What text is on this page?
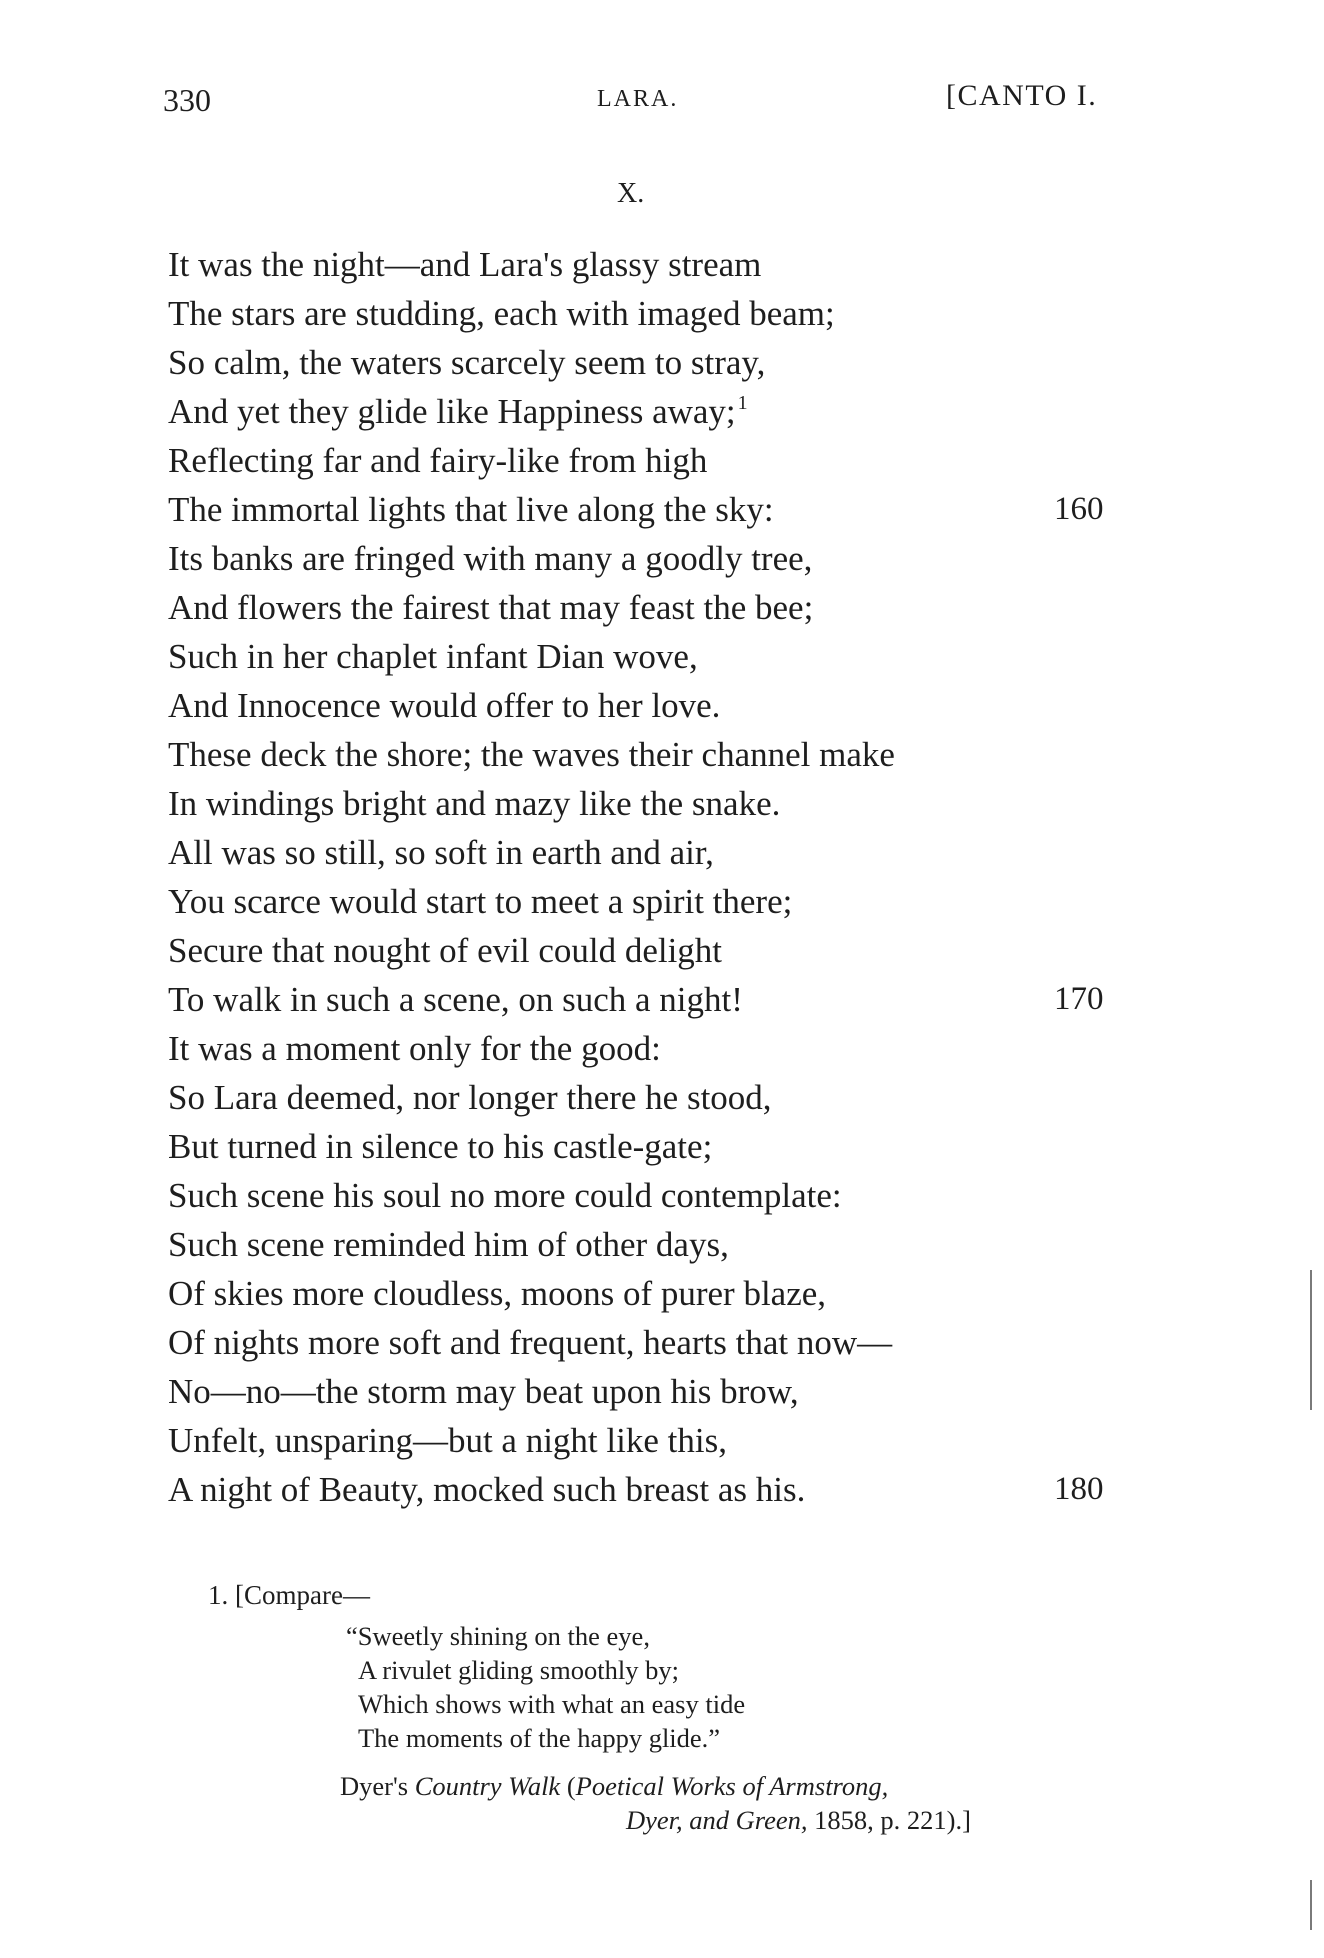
330	LARA.	[CANTO I.
X.
It was the night—and Lara's glassy stream
The stars are studding, each with imaged beam;
So calm, the waters scarcely seem to stray,
And yet they glide like Happiness away; $^1$
Reflecting far and fairy-like from high
The immortal lights that live along the sky:	160
Its banks are fringed with many a goodly tree,
And flowers the fairest that may feast the bee;
Such in her chaplet infant Dian wove,
And Innocence would offer to her love.
These deck the shore; the waves their channel make
In windings bright and mazy like the snake.
All was so still, so soft in earth and air,
You scarce would start to meet a spirit there;
Secure that nought of evil could delight
To walk in such a scene, on such a night!	170
It was a moment only for the good:
So Lara deemed, nor longer there he stood,
But turned in silence to his castle-gate;
Such scene his soul no more could contemplate:
Such scene reminded him of other days,
Of skies more cloudless, moons of purer blaze,
Of nights more soft and frequent, hearts that now—
No—no—the storm may beat upon his brow,
Unfelt, unsparing—but a night like this,
A night of Beauty, mocked such breast as his.	180
1. [Compare—
“Sweetly shining on the eye,
A rivulet gliding smoothly by;
Which shows with what an easy tide
The moments of the happy glide.”
Dyer's Country Walk (Poetical Works of Armstrong,
Dyer, and Green, 1858, p. 221).]
